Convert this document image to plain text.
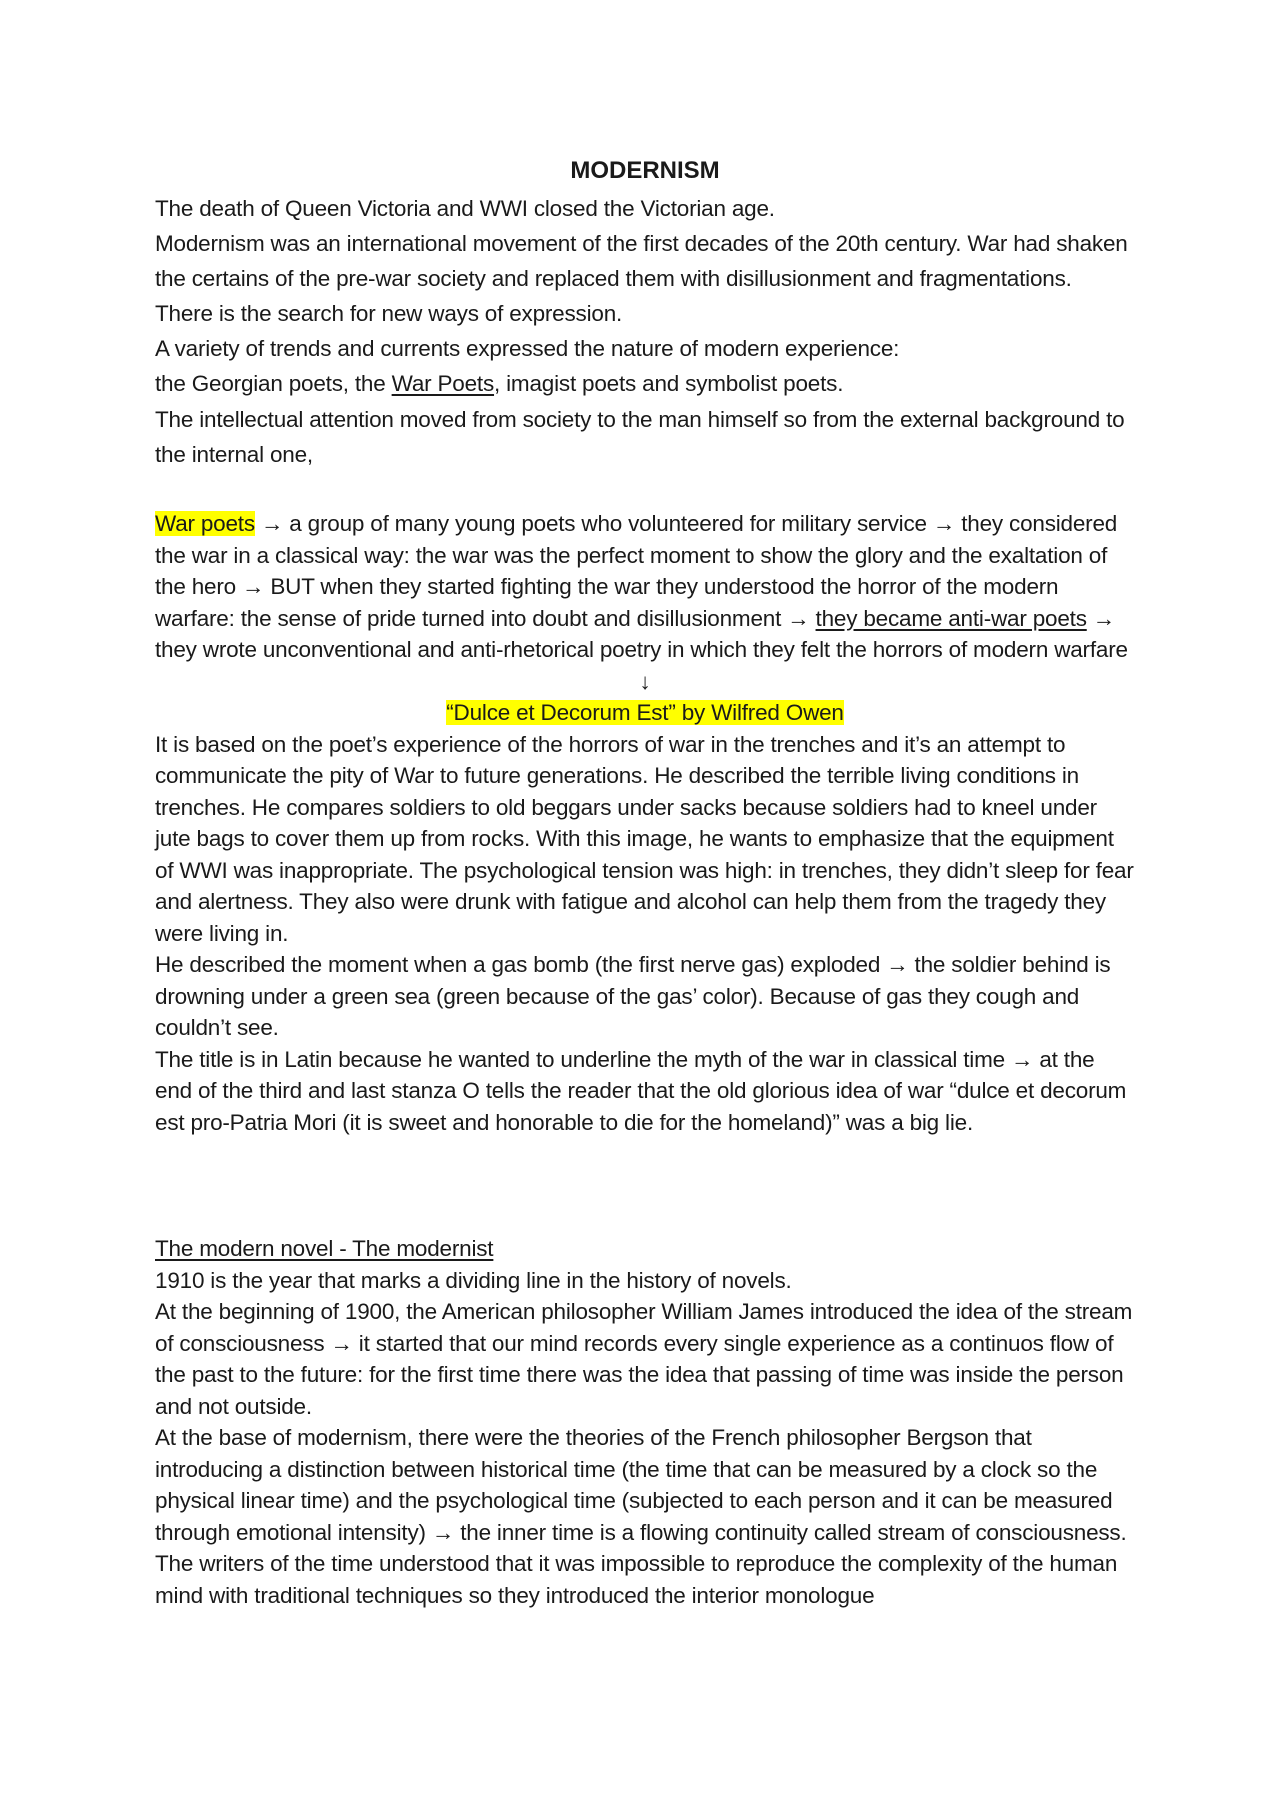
MODERNISM

The death of Queen Victoria and WWI closed the Victorian age.

Modernism was an international movement of the first decades of the 20th century. War had shaken the certains of the pre-war society and replaced them with disillusionment and fragmentations. There is the search for new ways of expression.

A variety of trends and currents expressed the nature of modern experience:

the Georgian poets, the War Poets, imagist poets and symbolist poets.

The intellectual attention moved from society to the man himself so from the external background to the internal one,

War poets → a group of many young poets who volunteered for military service → they considered the war in a classical way: the war was the perfect moment to show the glory and the exaltation of the hero → BUT when they started fighting the war they understood the horror of the modern warfare: the sense of pride turned into doubt and disillusionment → they became anti-war poets → they wrote unconventional and anti-rhetorical poetry in which they felt the horrors of modern warfare

↓

“Dulce et Decorum Est” by Wilfred Owen

It is based on the poet’s experience of the horrors of war in the trenches and it’s an attempt to communicate the pity of War to future generations. He described the terrible living conditions in trenches. He compares soldiers to old beggars under sacks because soldiers had to kneel under jute bags to cover them up from rocks. With this image, he wants to emphasize that the equipment of WWI was inappropriate. The psychological tension was high: in trenches, they didn’t sleep for fear and alertness. They also were drunk with fatigue and alcohol can help them from the tragedy they were living in.

He described the moment when a gas bomb (the first nerve gas) exploded → the soldier behind is drowning under a green sea (green because of the gas’ color). Because of gas they cough and couldn’t see.

The title is in Latin because he wanted to underline the myth of the war in classical time → at the end of the third and last stanza O tells the reader that the old glorious idea of war “dulce et decorum est pro-Patria Mori (it is sweet and honorable to die for the homeland)” was a big lie.

The modern novel - The modernist

1910 is the year that marks a dividing line in the history of novels.

At the beginning of 1900, the American philosopher William James introduced the idea of the stream of consciousness → it started that our mind records every single experience as a continuos flow of the past to the future: for the first time there was the idea that passing of time was inside the person and not outside.

At the base of modernism, there were the theories of the French philosopher Bergson that introducing a distinction between historical time (the time that can be measured by a clock so the physical linear time) and the psychological time (subjected to each person and it can be measured through emotional intensity) → the inner time is a flowing continuity called stream of consciousness.

The writers of the time understood that it was impossible to reproduce the complexity of the human mind with traditional techniques so they introduced the interior monologue
